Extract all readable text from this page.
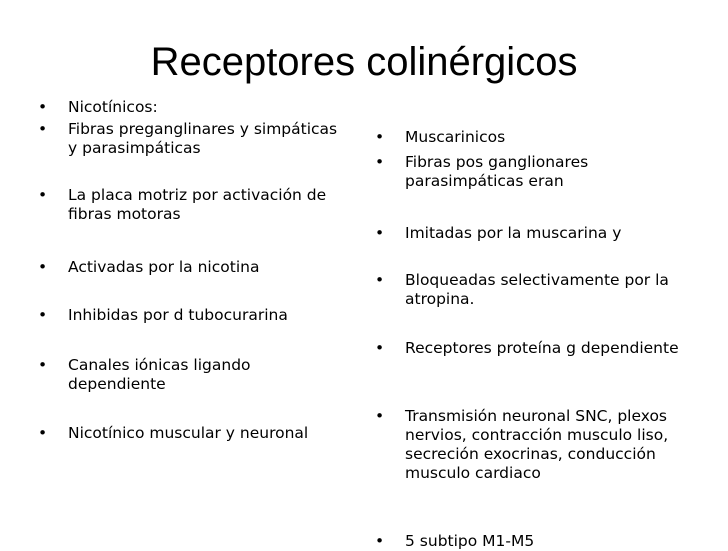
Receptores colinérgicos
•	Nicotínicos:
•	Fibras preganglinares y simpáticas y parasimpáticas
•	La placa motriz por activación de fibras motoras
•	Activadas por la nicotina
•	Inhibidas por d tubocurarina
•	Canales iónicas ligando dependiente
•	Nicotínico muscular y neuronal
•	Muscarinicos
•	Fibras pos ganglionares parasimpáticas eran
•	Imitadas por la muscarina y
•	Bloqueadas selectivamente por la atropina.
•	Receptores proteína g dependiente
•	Transmisión neuronal SNC, plexos nervios, contracción musculo liso, secreción exocrinas, conducción musculo cardiaco
•	5 subtipo M1-M5
